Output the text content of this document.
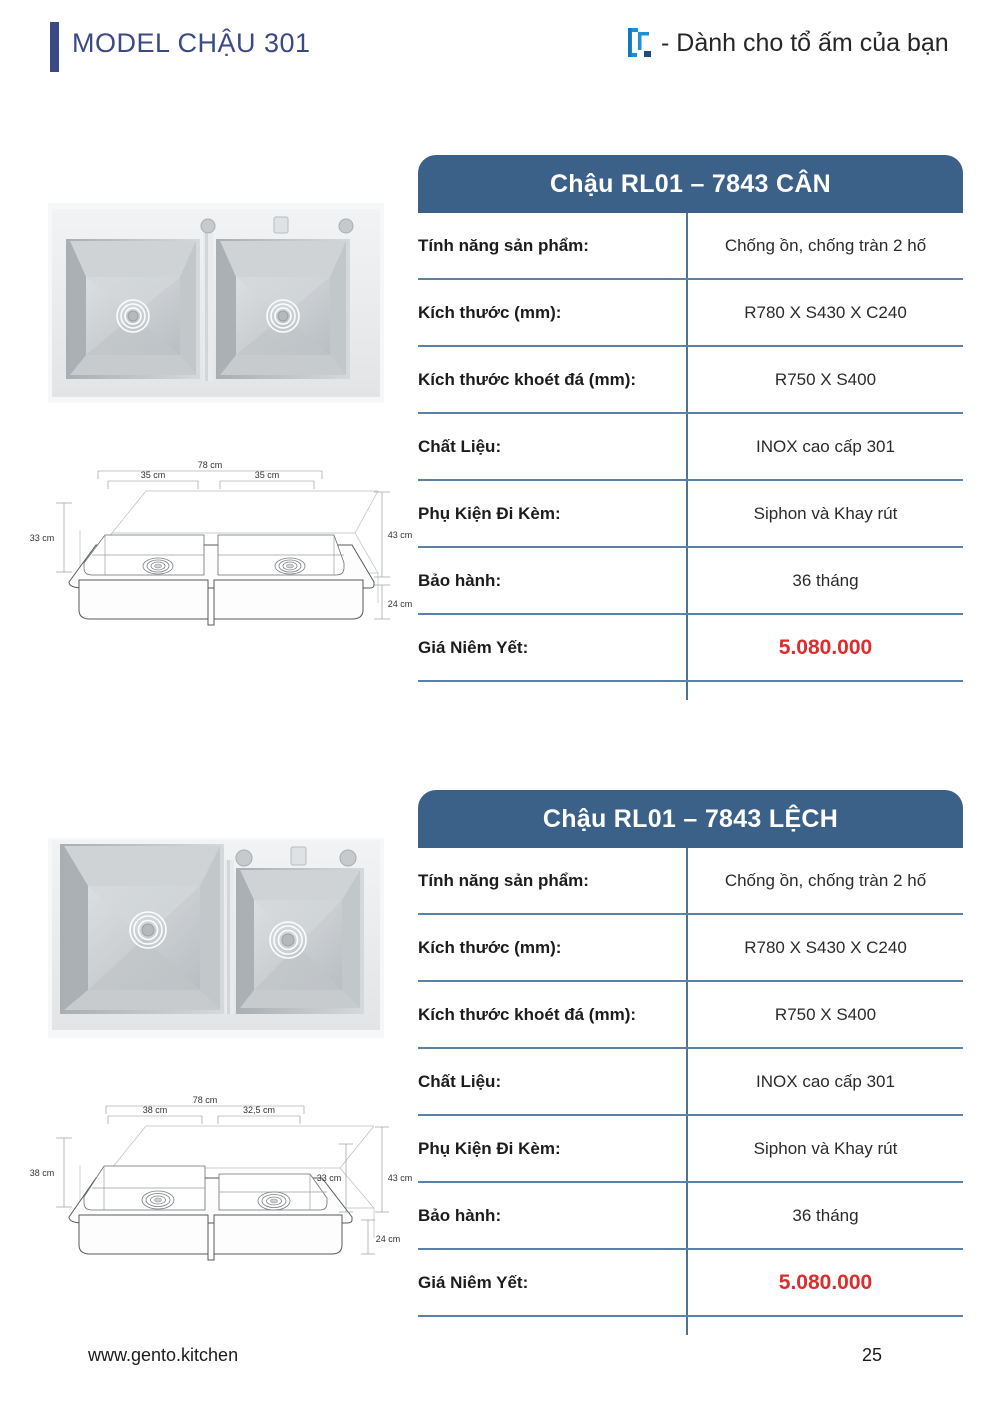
MODEL CHẬU 301	- Dành cho tổ ấm của bạn
78 cm
35 cm	35 cm
33 cm	43 cm
24 cm
Chậu RL01 – 7843 CÂN
Tính năng sản phẩm:	Chống ồn, chống tràn 2 hố
Kích thước (mm):	R780 X S430 X C240
Kích thước khoét đá (mm):	R750 X S400
Chất Liệu:	INOX cao cấp 301
Phụ Kiện Đi Kèm:	Siphon và Khay rút
Bảo hành:	36 tháng
Giá Niêm Yết:	5.080.000
78 cm
38 cm	32,5 cm
38 cm	33 cm	43 cm
24 cm
Chậu RL01 – 7843 LỆCH
Tính năng sản phẩm:	Chống ồn, chống tràn 2 hố
Kích thước (mm):	R780 X S430 X C240
Kích thước khoét đá (mm):	R750 X S400
Chất Liệu:	INOX cao cấp 301
Phụ Kiện Đi Kèm:	Siphon và Khay rút
Bảo hành:	36 tháng
Giá Niêm Yết:	5.080.000
www.gento.kitchen	25
